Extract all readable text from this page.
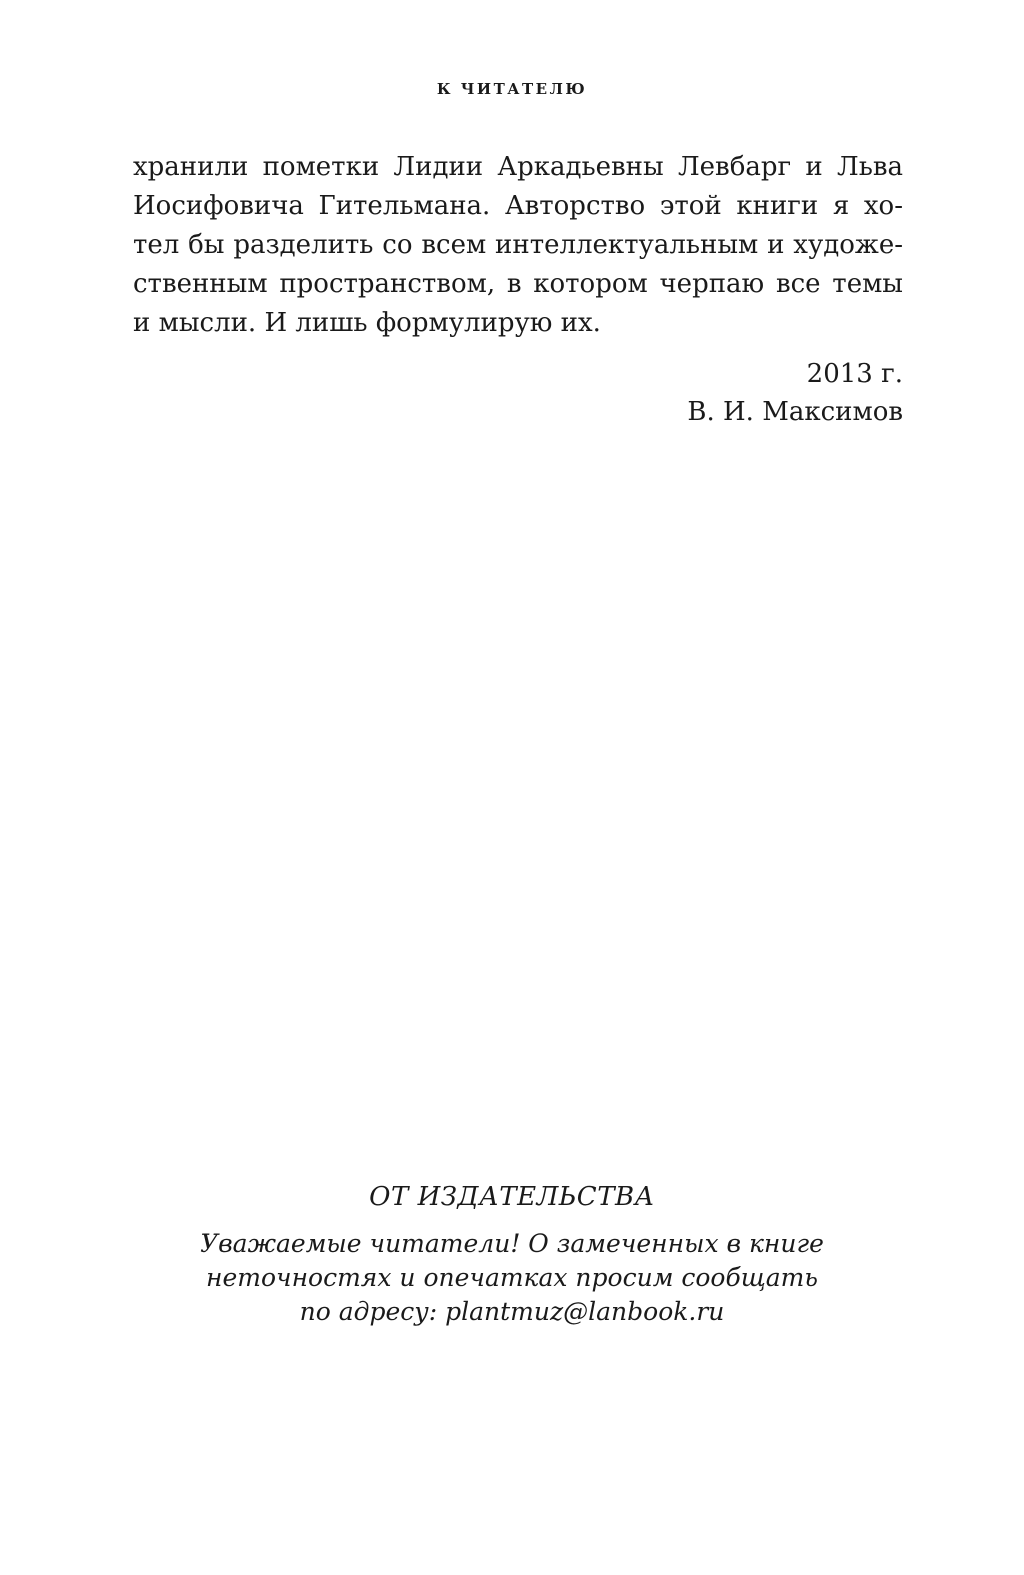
К ЧИТАТЕЛЮ
хранили пометки Лидии Аркадьевны Левбарг и Льва
Иосифовича Гительмана. Авторство этой книги я хо-
тел бы разделить со всем интеллектуальным и художе-
ственным пространством, в котором черпаю все темы
и мысли. И лишь формулирую их.
2013 г.
В. И. Максимов
ОТ ИЗДАТЕЛЬСТВА
Уважаемые читатели! О замеченных в книге
неточностях и опечатках просим сообщать
по адресу: plantmuz@lanbook.ru
